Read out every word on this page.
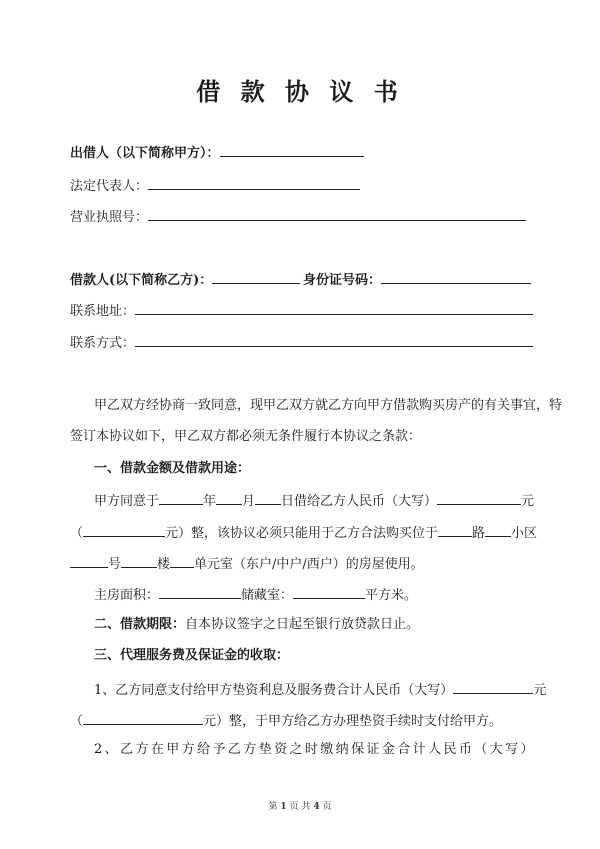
借 款 协 议 书
出借人（以下简称甲方）：
法定代表人：
营业执照号：
借款人(以下简称乙方)：	身份证号码：
联系地址：
联系方式：
甲乙双方经协商一致同意，现甲乙双方就乙方向甲方借款购买房产的有关事宜，特
签订本协议如下，甲乙双方都必须无条件履行本协议之条款：
一、借款金额及借款用途：
甲方同意于	年 月 日借给乙方人民币（大写）	元
（	元）整，该协议必须只能用于乙方合法购买位于	路 小区
号	楼 单元室（东户/中户/西户）的房屋使用。
主房面积：	储藏室：	平方米。
二、借款期限：自本协议签字之日起至银行放贷款日止。
三、代理服务费及保证金的收取：
1、乙方同意支付给甲方垫资利息及服务费合计人民币（大写）	元
（	元）整，于甲方给乙方办理垫资手续时支付给甲方。
2、乙方在甲方给予乙方垫资之时缴纳保证金合计人民币（大写）
第 1 页 共 4 页
